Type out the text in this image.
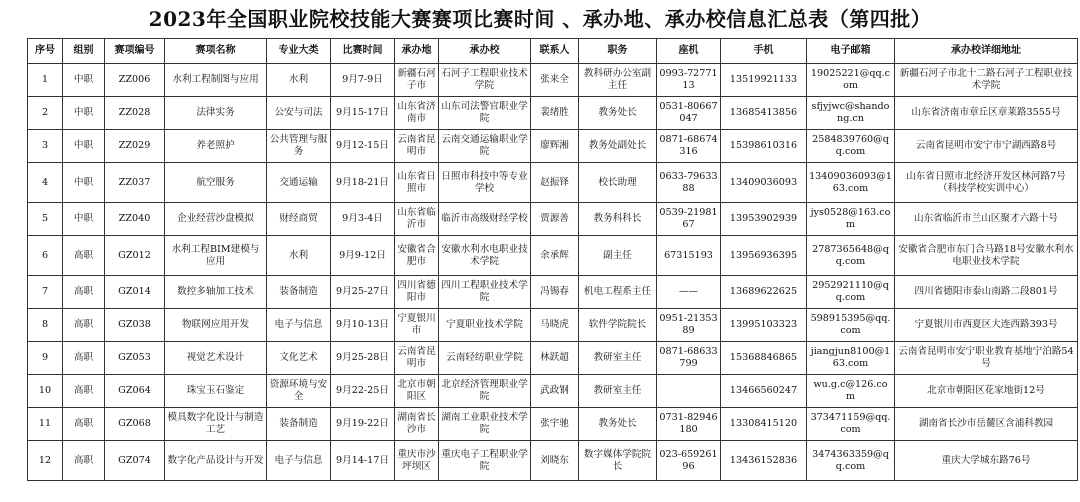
2023年全国职业院校技能大赛赛项比赛时间 、承办地、承办校信息汇总表（第四批）
序号	组别	赛项编号	赛项名称	专业大类	比赛时间	承办地	承办校	联系人	职务	座机	手机	电子邮箱	承办校详细地址
1	中职	ZZ006	水利工程制图与应用	水利	9月7-9日	新疆石河子市	石河子工程职业技术学院	张来全	教科研办公室副主任	0993-7277113	13519921133	19025221@qq.com	新疆石河子市北十二路石河子工程职业技术学院
2	中职	ZZ028	法律实务	公安与司法	9月15-17日	山东省济南市	山东司法警官职业学院	裴绪胜	教务处长	0531-80667047	13685413856	sfjyjwc@shandong.cn	山东省济南市章丘区章莱路3555号
3	中职	ZZ029	养老照护	公共管理与服务	9月12-15日	云南省昆明市	云南交通运输职业学院	廖辉湘	教务处副处长	0871-68674316	15398610316	2584839760@qq.com	云南省昆明市安宁市宁湖西路8号
4	中职	ZZ037	航空服务	交通运输	9月18-21日	山东省日照市	日照市科技中等专业学校	赵振铎	校长助理	0633-7963388	13409036093	13409036093@163.com	山东省日照市北经济开发区林河路7号（科技学校实训中心）
5	中职	ZZ040	企业经营沙盘模拟	财经商贸	9月3-4日	山东省临沂市	临沂市高级财经学校	贾源善	教务科科长	0539-2198167	13953902939	jys0528@163.com	山东省临沂市兰山区聚才六路十号
6	高职	GZ012	水利工程BIM建模与应用	水利	9月9-12日	安徽省合肥市	安徽水利水电职业技术学院	余承辉	副主任	67315193	13956936395	2787365648@qq.com	安徽省合肥市东门合马路18号安徽水利水电职业技术学院
7	高职	GZ014	数控多轴加工技术	装备制造	9月25-27日	四川省德阳市	四川工程职业技术学院	冯锡春	机电工程系主任	——	13689622625	2952921110@qq.com	四川省德阳市泰山南路二段801号
8	高职	GZ038	物联网应用开发	电子与信息	9月10-13日	宁夏银川市	宁夏职业技术学院	马晓虎	软件学院院长	0951-2135389	13995103323	598915395@qq.com	宁夏银川市西夏区大连西路393号
9	高职	GZ053	视觉艺术设计	文化艺术	9月25-28日	云南省昆明市	云南轻纺职业学院	林跃超	教研室主任	0871-68633799	15368846865	jiangjun8100@163.com	云南省昆明市安宁职业教育基地宁泊路54号
10	高职	GZ064	珠宝玉石鉴定	资源环境与安全	9月22-25日	北京市朝阳区	北京经济管理职业学院	武政钢	教研室主任		13466560247	wu.g.c@126.com	北京市朝阳区花家地街12号
11	高职	GZ068	模具数字化设计与制造工艺	装备制造	9月19-22日	湖南省长沙市	湖南工业职业技术学院	张宇驰	教务处长	0731-82946180	13308415120	373471159@qq.com	湖南省长沙市岳麓区含浦科教园
12	高职	GZ074	数字化产品设计与开发	电子与信息	9月14-17日	重庆市沙坪坝区	重庆电子工程职业学院	刘晓东	数字媒体学院院长	023-65926196	13436152836	3474363359@qq.com	重庆大学城东路76号
